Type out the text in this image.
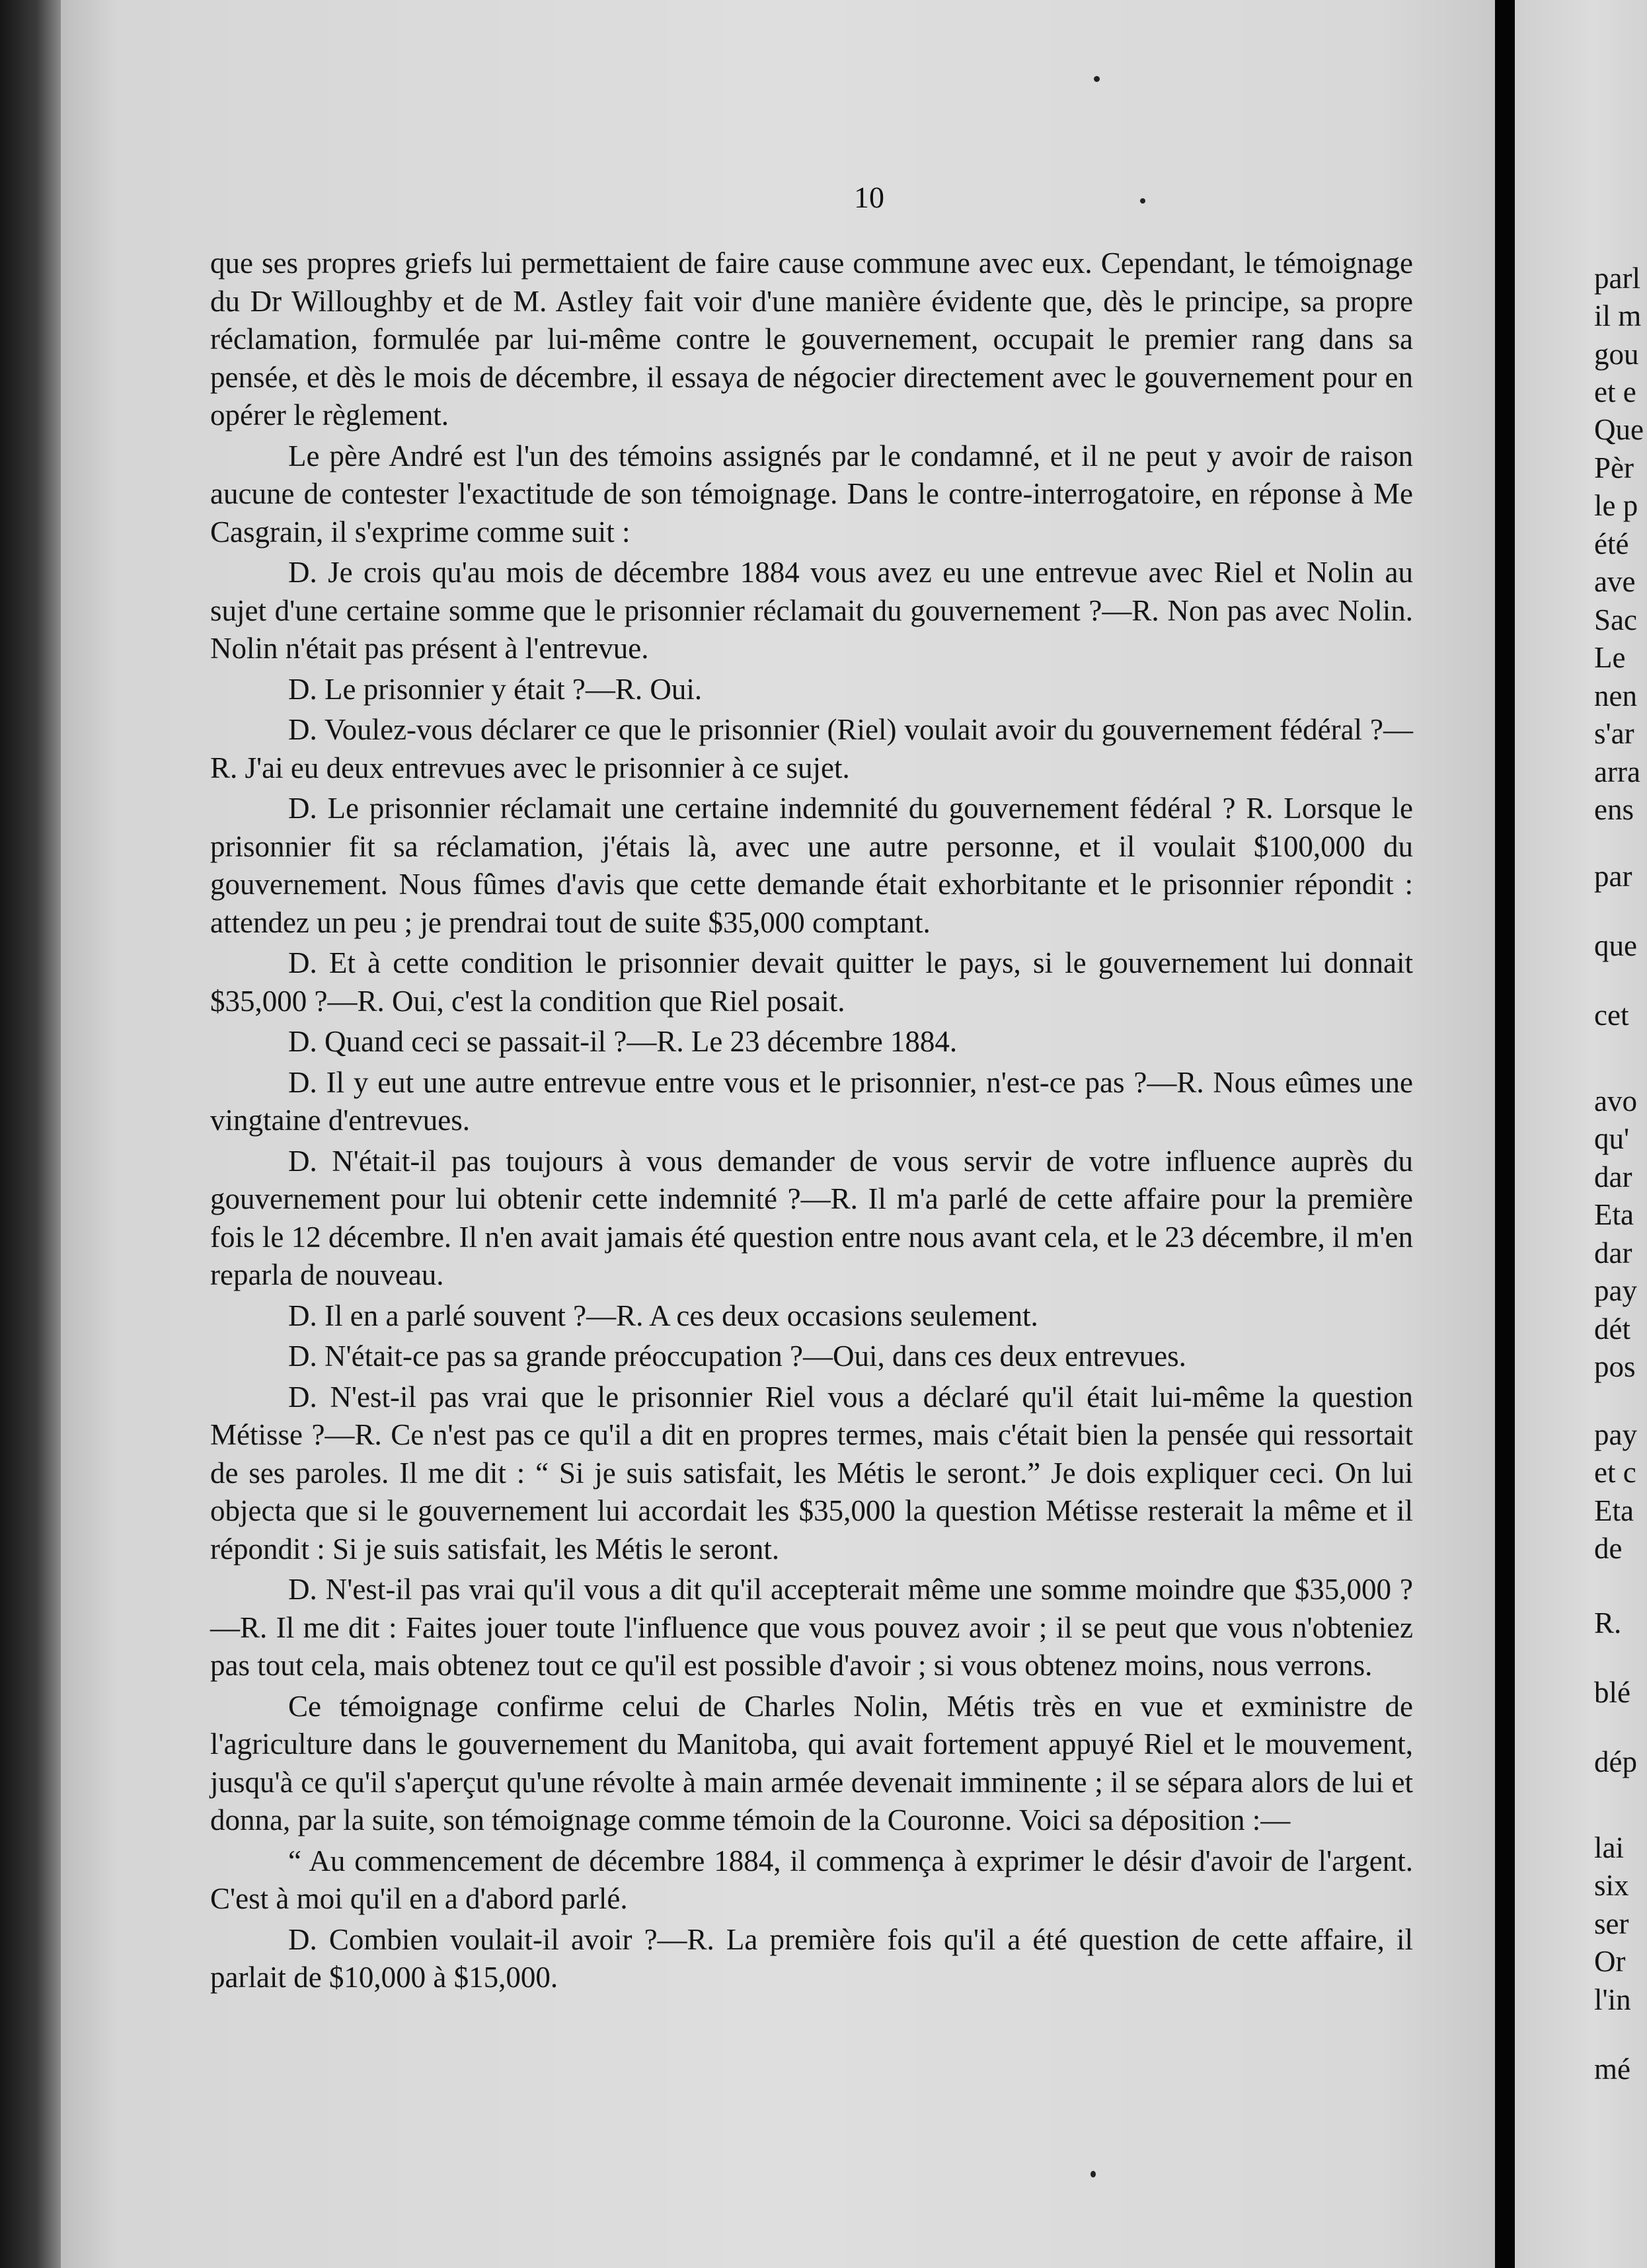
10

que ses propres griefs lui permettaient de faire cause commune avec eux. Cependant, le témoignage du Dr Willoughby et de M. Astley fait voir d'une manière évidente que, dès le principe, sa propre réclamation, formulée par lui-même contre le gouvernement, occupait le premier rang dans sa pensée, et dès le mois de décembre, il essaya de négocier directement avec le gouvernement pour en opérer le règlement.

Le père André est l'un des témoins assignés par le condamné, et il ne peut y avoir de raison aucune de contester l'exactitude de son témoignage. Dans le contre-interrogatoire, en réponse à Me Casgrain, il s'exprime comme suit :

D. Je crois qu'au mois de décembre 1884 vous avez eu une entrevue avec Riel et Nolin au sujet d'une certaine somme que le prisonnier réclamait du gouvernement ?—R. Non pas avec Nolin. Nolin n'était pas présent à l'entrevue.

D. Le prisonnier y était ?—R. Oui.

D. Voulez-vous déclarer ce que le prisonnier (Riel) voulait avoir du gouvernement fédéral ?—R. J'ai eu deux entrevues avec le prisonnier à ce sujet.

D. Le prisonnier réclamait une certaine indemnité du gouvernement fédéral ? R. Lorsque le prisonnier fit sa réclamation, j'étais là, avec une autre personne, et il voulait $100,000 du gouvernement. Nous fûmes d'avis que cette demande était exhorbitante et le prisonnier répondit : attendez un peu ; je prendrai tout de suite $35,000 comptant.

D. Et à cette condition le prisonnier devait quitter le pays, si le gouvernement lui donnait $35,000 ?—R. Oui, c'est la condition que Riel posait.

D. Quand ceci se passait-il ?—R. Le 23 décembre 1884.

D. Il y eut une autre entrevue entre vous et le prisonnier, n'est-ce pas ?—R. Nous eûmes une vingtaine d'entrevues.

D. N'était-il pas toujours à vous demander de vous servir de votre influence auprès du gouvernement pour lui obtenir cette indemnité ?—R. Il m'a parlé de cette affaire pour la première fois le 12 décembre. Il n'en avait jamais été question entre nous avant cela, et le 23 décembre, il m'en reparla de nouveau.

D. Il en a parlé souvent ?—R. A ces deux occasions seulement.

D. N'était-ce pas sa grande préoccupation ?—Oui, dans ces deux entrevues.

D. N'est-il pas vrai que le prisonnier Riel vous a déclaré qu'il était lui-même la question Métisse ?—R. Ce n'est pas ce qu'il a dit en propres termes, mais c'était bien la pensée qui ressortait de ses paroles. Il me dit : “ Si je suis satisfait, les Métis le seront.” Je dois expliquer ceci. On lui objecta que si le gouvernement lui accordait les $35,000 la question Métisse resterait la même et il répondit : Si je suis satisfait, les Métis le seront.

D. N'est-il pas vrai qu'il vous a dit qu'il accepterait même une somme moindre que $35,000 ?—R. Il me dit : Faites jouer toute l'influence que vous pouvez avoir ; il se peut que vous n'obteniez pas tout cela, mais obtenez tout ce qu'il est possible d'avoir ; si vous obtenez moins, nous verrons.

Ce témoignage confirme celui de Charles Nolin, Métis très en vue et exministre de l'agriculture dans le gouvernement du Manitoba, qui avait fortement appuyé Riel et le mouvement, jusqu'à ce qu'il s'aperçut qu'une révolte à main armée devenait imminente ; il se sépara alors de lui et donna, par la suite, son témoignage comme témoin de la Couronne. Voici sa déposition :—

“ Au commencement de décembre 1884, il commença à exprimer le désir d'avoir de l'argent. C'est à moi qu'il en a d'abord parlé.

D. Combien voulait-il avoir ?—R. La première fois qu'il a été question de cette affaire, il parlait de $10,000 à $15,000.

parl
il m
gou
et e
Que
Pèr
le p
été
ave
Sac
Le
nen
s'ar
arra
ens
par
que
cet
avo
qu'
dar
Eta
dar
pay
dét
pos
pay
et c
Eta
de
R.
blé
dép
lai
six
ser
Or
l'in
mé
